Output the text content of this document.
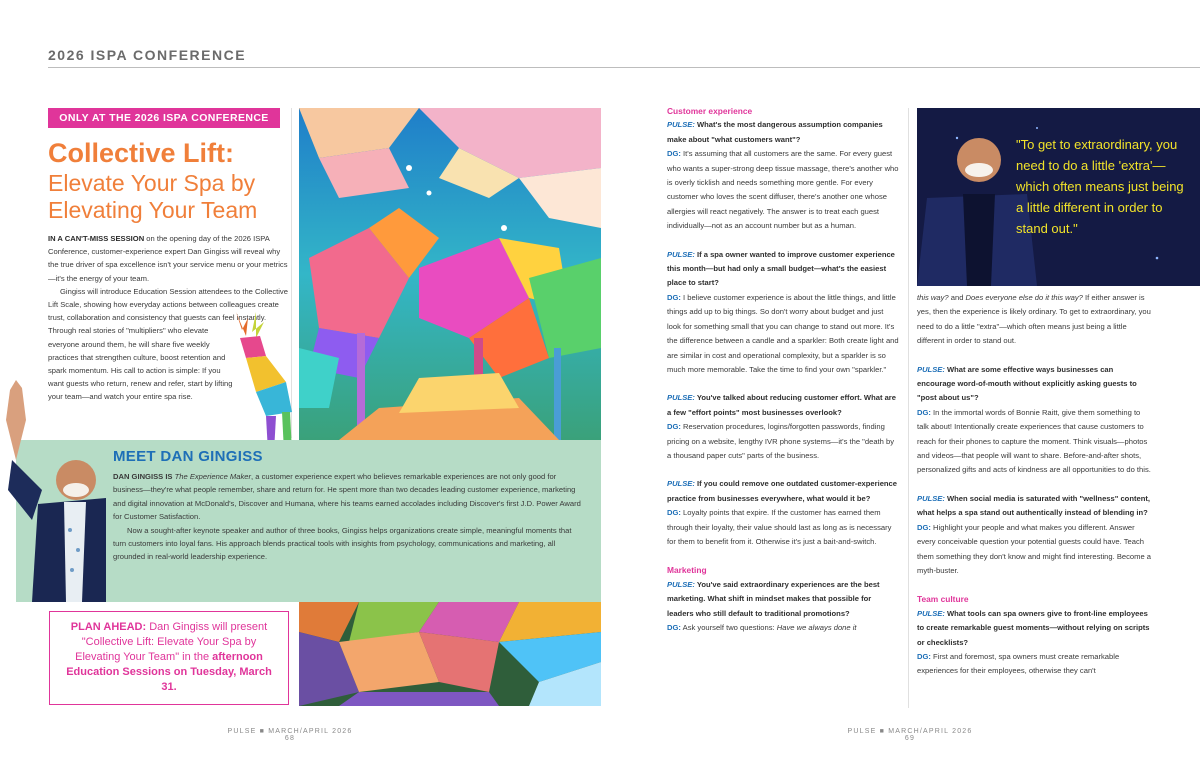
2026 ISPA CONFERENCE
ONLY AT THE 2026 ISPA CONFERENCE
Collective Lift:
Elevate Your Spa by Elevating Your Team

IN A CAN'T-MISS SESSION on the opening day of the 2026 ISPA Conference, customer-experience expert Dan Gingiss will reveal why the true driver of spa excellence isn't your service menu or your metrics—it's the energy of your team.

Gingiss will introduce Education Session attendees to the Collective Lift Scale, showing how everyday actions between colleagues create trust, collaboration and consistency that guests can feel instantly.

Through real stories of "multipliers" who elevate everyone around them, he will share five weekly practices that strengthen culture, boost retention and spark momentum. His call to action is simple: If you want guests who return, renew and refer, start by lifting your team—and watch your entire spa rise.

MEET DAN GINGISS

DAN GINGISS IS The Experience Maker, a customer experience expert who believes remarkable experiences are not only good for business—they're what people remember, share and return for. He spent more than two decades leading customer experience, marketing and digital innovation at McDonald's, Discover and Humana, where his teams earned accolades including Discover's first J.D. Power Award for Customer Satisfaction.

Now a sought-after keynote speaker and author of three books, Gingiss helps organizations create simple, meaningful moments that turn customers into loyal fans. His approach blends practical tools with insights from psychology, communications and marketing, all grounded in real-world leadership experience.

PLAN AHEAD: Dan Gingiss will present "Collective Lift: Elevate Your Spa by Elevating Your Team" in the afternoon Education Sessions on Tuesday, March 31.
PULSE ■ MARCH/APRIL 2026
68

Customer experience

PULSE: What's the most dangerous assumption companies make about "what customers want"?

DG: It's assuming that all customers are the same. For every guest who wants a super-strong deep tissue massage, there's another who is overly ticklish and needs something more gentle. For every customer who loves the scent diffuser, there's another one whose allergies will react negatively. The answer is to treat each guest individually—not as an account number but as a human.

PULSE: If a spa owner wanted to improve customer experience this month—but had only a small budget—what's the easiest place to start?

DG: I believe customer experience is about the little things, and little things add up to big things. So don't worry about budget and just look for something small that you can change to stand out more. It's the difference between a candle and a sparkler: Both create light and are similar in cost and operational complexity, but a sparkler is so much more memorable. Take the time to find your own "sparkler."

PULSE: You've talked about reducing customer effort. What are a few "effort points" most businesses overlook?

DG: Reservation procedures, logins/forgotten passwords, finding pricing on a website, lengthy IVR phone systems—it's the "death by a thousand paper cuts" parts of the business.

PULSE: If you could remove one outdated customer-experience practice from businesses everywhere, what would it be?

DG: Loyalty points that expire. If the customer has earned them through their loyalty, their value should last as long as is necessary for them to benefit from it. Otherwise it's just a bait-and-switch.

Marketing

PULSE: You've said extraordinary experiences are the best marketing. What shift in mindset makes that possible for leaders who still default to traditional promotions?

DG: Ask yourself two questions: Have we always done it

"To get to extraordinary, you need to do a little 'extra'—which often means just being a little different in order to stand out."

this way? and Does everyone else do it this way? If either answer is yes, then the experience is likely ordinary. To get to extraordinary, you need to do a little "extra"—which often means just being a little different in order to stand out.

PULSE: What are some effective ways businesses can encourage word-of-mouth without explicitly asking guests to "post about us"?

DG: In the immortal words of Bonnie Raitt, give them something to talk about! Intentionally create experiences that cause customers to reach for their phones to capture the moment. Think visuals—photos and videos—that people will want to share. Before-and-after shots, personalized gifts and acts of kindness are all opportunities to do this.

PULSE: When social media is saturated with "wellness" content, what helps a spa stand out authentically instead of blending in?

DG: Highlight your people and what makes you different. Answer every conceivable question your potential guests could have. Teach them something they don't know and might find interesting. Become a myth-buster.

Team culture

PULSE: What tools can spa owners give to front-line employees to create remarkable guest moments—without relying on scripts or checklists?

DG: First and foremost, spa owners must create remarkable experiences for their employees, otherwise they can't

PULSE ■ MARCH/APRIL 2026
69
